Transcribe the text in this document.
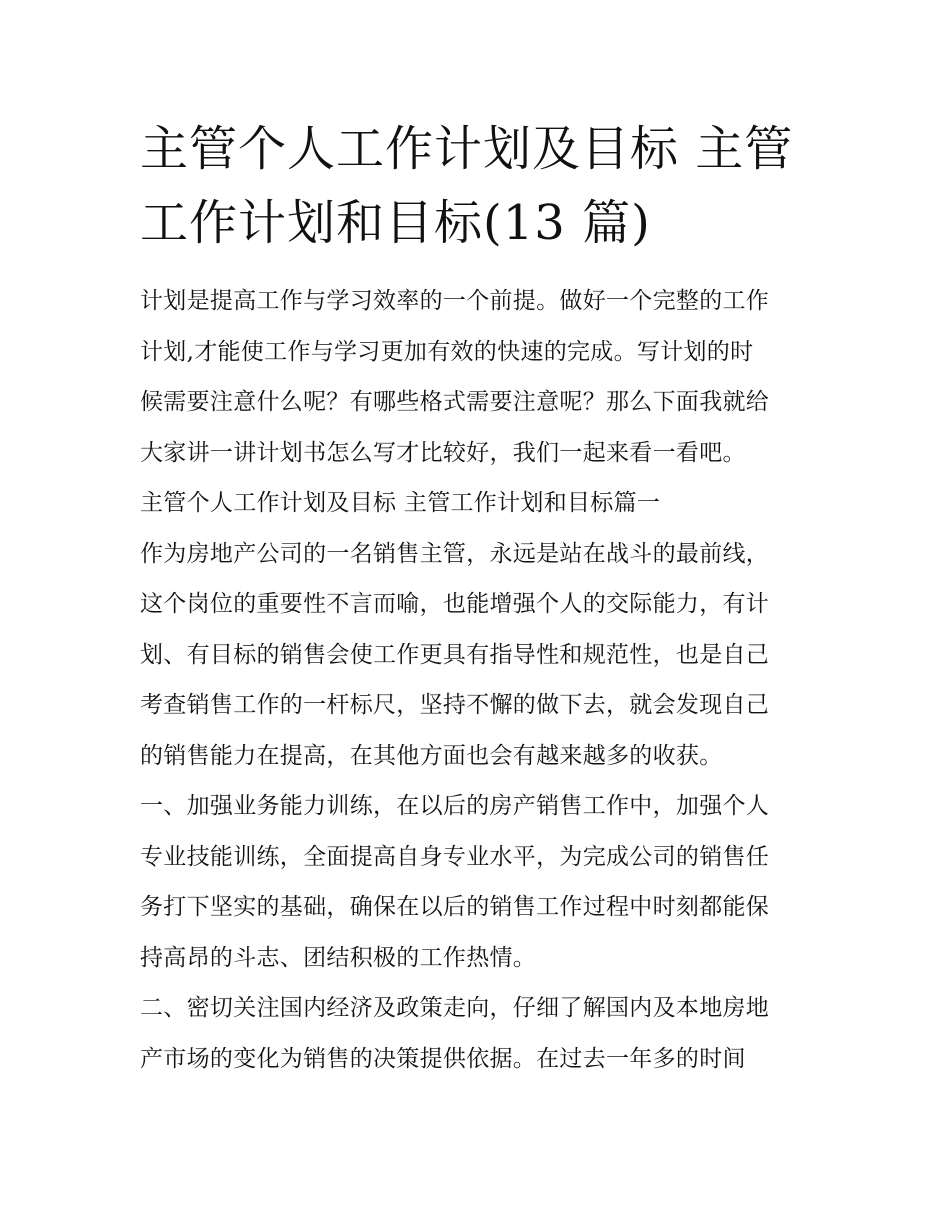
主管个人工作计划及目标 主管
工作计划和目标(13 篇)

计划是提高工作与学习效率的一个前提。做好一个完整的工作

计划,才能使工作与学习更加有效的快速的完成。写计划的时

候需要注意什么呢？有哪些格式需要注意呢？那么下面我就给

大家讲一讲计划书怎么写才比较好，我们一起来看一看吧。

主管个人工作计划及目标 主管工作计划和目标篇一

作为房地产公司的一名销售主管，永远是站在战斗的最前线，

这个岗位的重要性不言而喻，也能增强个人的交际能力，有计

划、有目标的销售会使工作更具有指导性和规范性，也是自己

考查销售工作的一杆标尺，坚持不懈的做下去，就会发现自己

的销售能力在提高，在其他方面也会有越来越多的收获。

一、加强业务能力训练，在以后的房产销售工作中，加强个人

专业技能训练，全面提高自身专业水平，为完成公司的销售任

务打下坚实的基础，确保在以后的销售工作过程中时刻都能保

持高昂的斗志、团结积极的工作热情。

二、密切关注国内经济及政策走向，仔细了解国内及本地房地

产市场的变化为销售的决策提供依据。在过去一年多的时间
